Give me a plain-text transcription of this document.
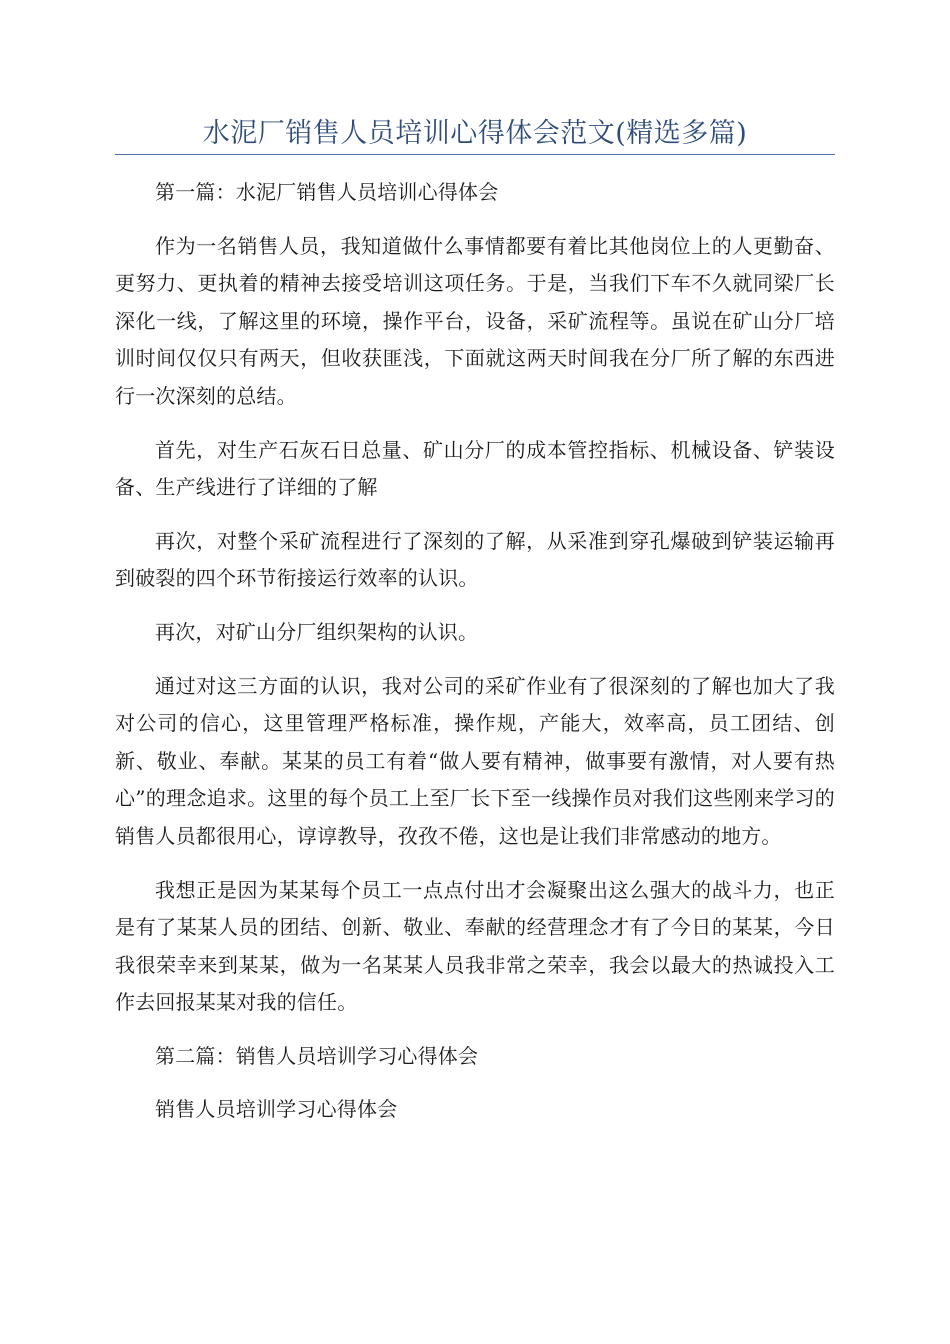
水泥厂销售人员培训心得体会范文(精选多篇)

第一篇：水泥厂销售人员培训心得体会

作为一名销售人员，我知道做什么事情都要有着比其他岗位上的人更勤奋、更努力、更执着的精神去接受培训这项任务。于是，当我们下车不久就同梁厂长深化一线，了解这里的环境，操作平台，设备，采矿流程等。虽说在矿山分厂培训时间仅仅只有两天，但收获匪浅，下面就这两天时间我在分厂所了解的东西进行一次深刻的总结。

首先，对生产石灰石日总量、矿山分厂的成本管控指标、机械设备、铲装设备、生产线进行了详细的了解

再次，对整个采矿流程进行了深刻的了解，从采准到穿孔爆破到铲装运输再到破裂的四个环节衔接运行效率的认识。

再次，对矿山分厂组织架构的认识。

通过对这三方面的认识，我对公司的采矿作业有了很深刻的了解也加大了我对公司的信心，这里管理严格标准，操作规，产能大，效率高，员工团结、创新、敬业、奉献。某某的员工有着“做人要有精神，做事要有激情，对人要有热心”的理念追求。这里的每个员工上至厂长下至一线操作员对我们这些刚来学习的销售人员都很用心，谆谆教导，孜孜不倦，这也是让我们非常感动的地方。

我想正是因为某某每个员工一点点付出才会凝聚出这么强大的战斗力，也正是有了某某人员的团结、创新、敬业、奉献的经营理念才有了今日的某某，今日我很荣幸来到某某，做为一名某某人员我非常之荣幸，我会以最大的热诚投入工作去回报某某对我的信任。

第二篇：销售人员培训学习心得体会

销售人员培训学习心得体会
